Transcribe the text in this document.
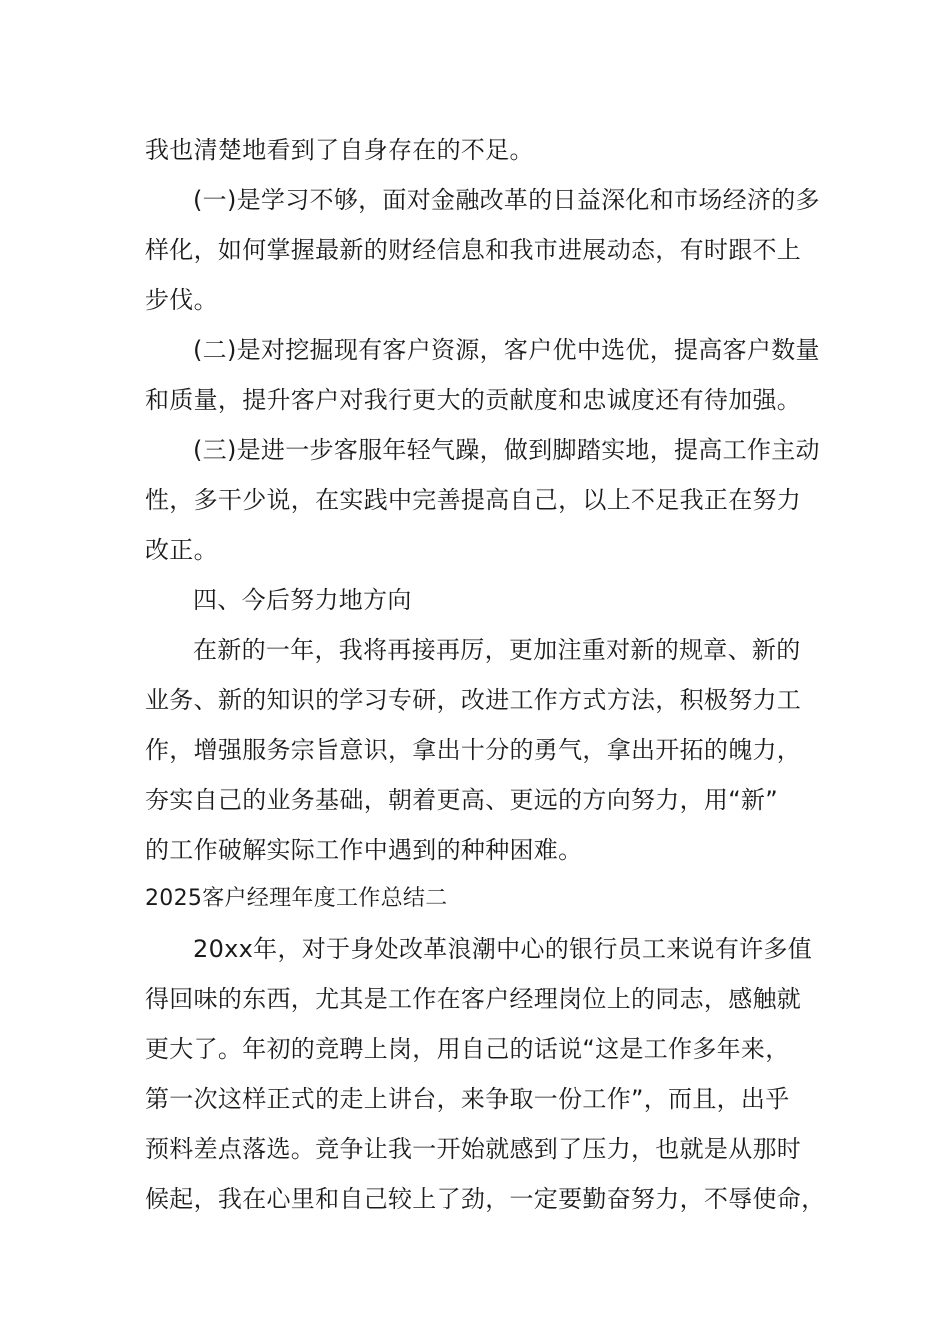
我也清楚地看到了自身存在的不足。
(一)是学习不够，面对金融改革的日益深化和市场经济的多
样化，如何掌握最新的财经信息和我市进展动态，有时跟不上
步伐。
(二)是对挖掘现有客户资源，客户优中选优，提高客户数量
和质量，提升客户对我行更大的贡献度和忠诚度还有待加强。
(三)是进一步客服年轻气躁，做到脚踏实地，提高工作主动
性，多干少说，在实践中完善提高自己，以上不足我正在努力
改正。
四、今后努力地方向
在新的一年，我将再接再厉，更加注重对新的规章、新的
业务、新的知识的学习专研，改进工作方式方法，积极努力工
作，增强服务宗旨意识，拿出十分的勇气，拿出开拓的魄力，
夯实自己的业务基础，朝着更高、更远的方向努力，用“新”
的工作破解实际工作中遇到的种种困难。
2025客户经理年度工作总结二
20xx年，对于身处改革浪潮中心的银行员工来说有许多值
得回味的东西，尤其是工作在客户经理岗位上的同志，感触就
更大了。年初的竞聘上岗，用自己的话说“这是工作多年来，
第一次这样正式的走上讲台，来争取一份工作”，而且，出乎
预料差点落选。竞争让我一开始就感到了压力，也就是从那时
候起，我在心里和自己较上了劲，一定要勤奋努力，不辱使命，
